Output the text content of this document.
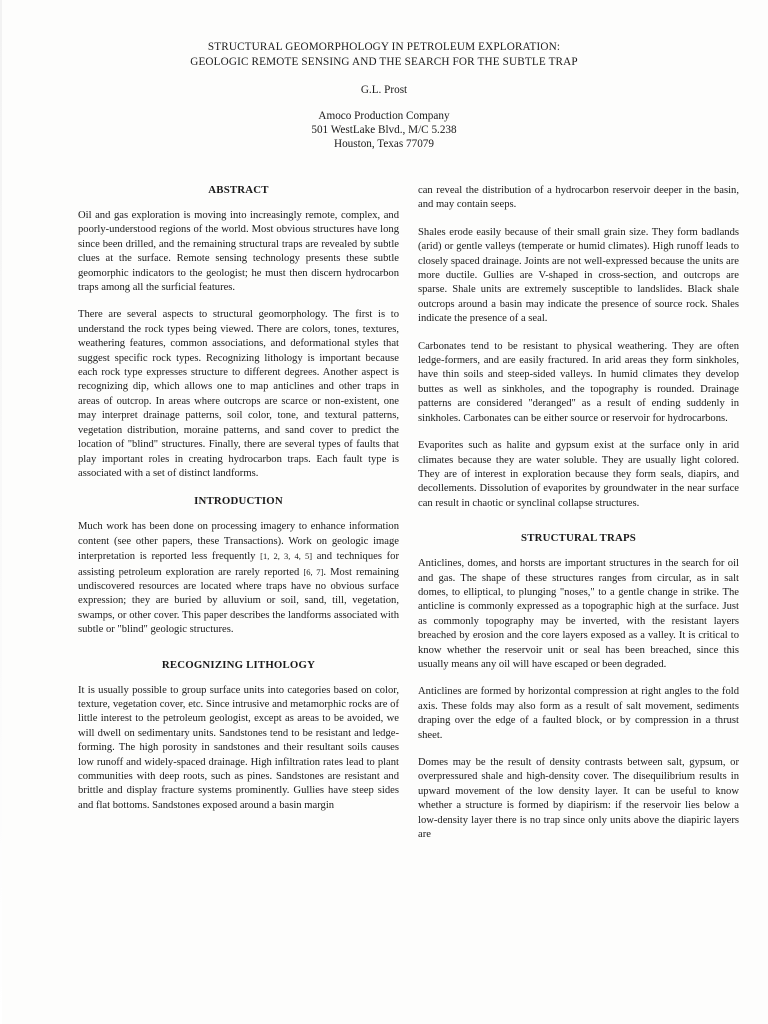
STRUCTURAL GEOMORPHOLOGY IN PETROLEUM EXPLORATION:

GEOLOGIC REMOTE SENSING AND THE SEARCH FOR THE SUBTLE TRAP

G.L. Prost
Amoco Production Company
501 WestLake Blvd., M/C 5.238
Houston, Texas 77079
ABSTRACT

Oil and gas exploration is moving into increasingly remote, complex, and poorly-understood regions of the world. Most obvious structures have long since been drilled, and the remaining structural traps are revealed by subtle clues at the surface. Remote sensing technology presents these subtle geomorphic indicators to the geologist; he must then discern hydrocarbon traps among all the surficial features.

There are several aspects to structural geomorphology. The first is to understand the rock types being viewed. There are colors, tones, textures, weathering features, common associations, and deformational styles that suggest specific rock types. Recognizing lithology is important because each rock type expresses structure to different degrees. Another aspect is recognizing dip, which allows one to map anticlines and other traps in areas of outcrop. In areas where outcrops are scarce or non-existent, one may interpret drainage patterns, soil color, tone, and textural patterns, vegetation distribution, moraine patterns, and sand cover to predict the location of "blind" structures. Finally, there are several types of faults that play important roles in creating hydrocarbon traps. Each fault type is associated with a set of distinct landforms.

INTRODUCTION

Much work has been done on processing imagery to enhance information content (see other papers, these Transactions). Work on geologic image interpretation is reported less frequently [1, 2, 3, 4, 5] and techniques for assisting petroleum exploration are rarely reported [6, 7]. Most remaining undiscovered resources are located where traps have no obvious surface expression; they are buried by alluvium or soil, sand, till, vegetation, swamps, or other cover. This paper describes the landforms associated with subtle or "blind" geologic structures.

RECOGNIZING LITHOLOGY

It is usually possible to group surface units into categories based on color, texture, vegetation cover, etc. Since intrusive and metamorphic rocks are of little interest to the petroleum geologist, except as areas to be avoided, we will dwell on sedimentary units. Sandstones tend to be resistant and ledge-forming. The high porosity in sandstones and their resultant soils causes low runoff and widely-spaced drainage. High infiltration rates lead to plant communities with deep roots, such as pines. Sandstones are resistant and brittle and display fracture systems prominently. Gullies have steep sides and flat bottoms. Sandstones exposed around a basin margin

can reveal the distribution of a hydrocarbon reservoir deeper in the basin, and may contain seeps.

Shales erode easily because of their small grain size. They form badlands (arid) or gentle valleys (temperate or humid climates). High runoff leads to closely spaced drainage. Joints are not well-expressed because the units are more ductile. Gullies are V-shaped in cross-section, and outcrops are sparse. Shale units are extremely susceptible to landslides. Black shale outcrops around a basin may indicate the presence of source rock. Shales indicate the presence of a seal.

Carbonates tend to be resistant to physical weathering. They are often ledge-formers, and are easily fractured. In arid areas they form sinkholes, have thin soils and steep-sided valleys. In humid climates they develop buttes as well as sinkholes, and the topography is rounded. Drainage patterns are considered "deranged" as a result of ending suddenly in sinkholes. Carbonates can be either source or reservoir for hydrocarbons.

Evaporites such as halite and gypsum exist at the surface only in arid climates because they are water soluble. They are usually light colored. They are of interest in exploration because they form seals, diapirs, and decollements. Dissolution of evaporites by groundwater in the near surface can result in chaotic or synclinal collapse structures.

STRUCTURAL TRAPS

Anticlines, domes, and horsts are important structures in the search for oil and gas. The shape of these structures ranges from circular, as in salt domes, to elliptical, to plunging "noses," to a gentle change in strike. The anticline is commonly expressed as a topographic high at the surface. Just as commonly topography may be inverted, with the resistant layers breached by erosion and the core layers exposed as a valley. It is critical to know whether the reservoir unit or seal has been breached, since this usually means any oil will have escaped or been degraded.

Anticlines are formed by horizontal compression at right angles to the fold axis. These folds may also form as a result of salt movement, sediments draping over the edge of a faulted block, or by compression in a thrust sheet.

Domes may be the result of density contrasts between salt, gypsum, or overpressured shale and high-density cover. The disequilibrium results in upward movement of the low density layer. It can be useful to know whether a structure is formed by diapirism: if the reservoir lies below a low-density layer there is no trap since only units above the diapiric layers are
